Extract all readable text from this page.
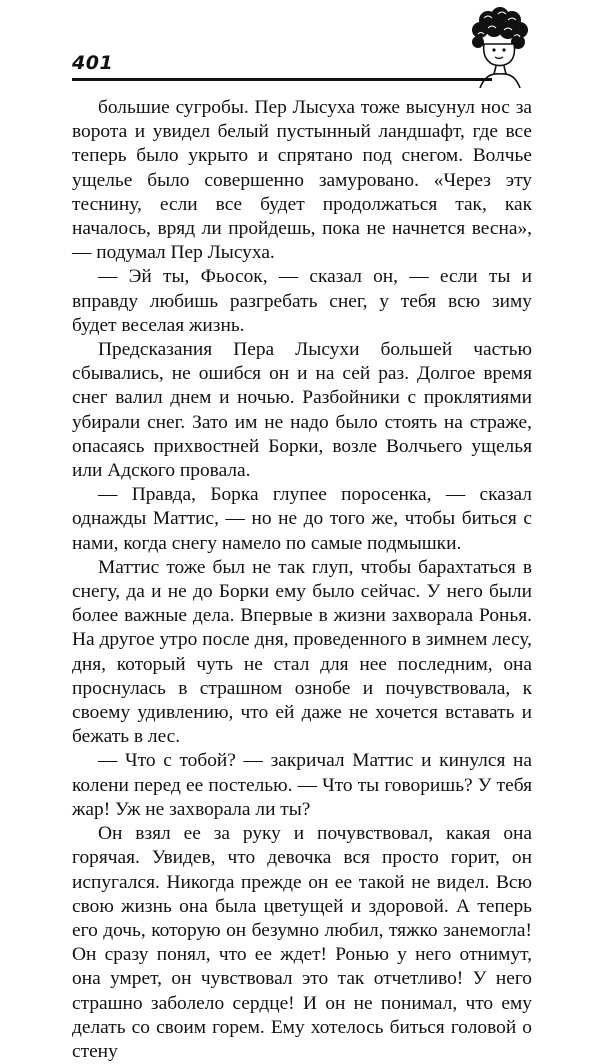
401

большие сугробы. Пер Лысуха тоже высунул нос за ворота и увидел белый пустынный ландшафт, где все теперь было укрыто и спрятано под снегом. Волчье ущелье было совершенно замуровано. «Через эту теснину, если все будет продолжаться так, как началось, вряд ли пройдешь, пока не начнется весна», — подумал Пер Лысуха.

— Эй ты, Фьосок, — сказал он, — если ты и вправду любишь разгребать снег, у тебя всю зиму будет веселая жизнь.

Предсказания Пера Лысухи большей частью сбывались, не ошибся он и на сей раз. Долгое время снег валил днем и ночью. Разбойники с проклятиями убирали снег. Зато им не надо было стоять на страже, опасаясь прихвостней Борки, возле Волчьего ущелья или Адского провала.

— Правда, Борка глупее поросенка, — сказал однажды Маттис, — но не до того же, чтобы биться с нами, когда снегу намело по самые подмышки.

Маттис тоже был не так глуп, чтобы барахтаться в снегу, да и не до Борки ему было сейчас. У него были более важные дела. Впервые в жизни захворала Ронья. На другое утро после дня, проведенного в зимнем лесу, дня, который чуть не стал для нее последним, она проснулась в страшном ознобе и почувствовала, к своему удивлению, что ей даже не хочется вставать и бежать в лес.

— Что с тобой? — закричал Маттис и кинулся на колени перед ее постелью. — Что ты говоришь? У тебя жар! Уж не захворала ли ты?

Он взял ее за руку и почувствовал, какая она горячая. Увидев, что девочка вся просто горит, он испугался. Никогда прежде он ее такой не видел. Всю свою жизнь она была цветущей и здоровой. А теперь его дочь, которую он безумно любил, тяжко занемогла! Он сразу понял, что ее ждет! Ронью у него отнимут, она умрет, он чувствовал это так отчетливо! У него страшно заболело сердце! И он не понимал, что ему делать со своим горем. Ему хотелось биться головой о стену
